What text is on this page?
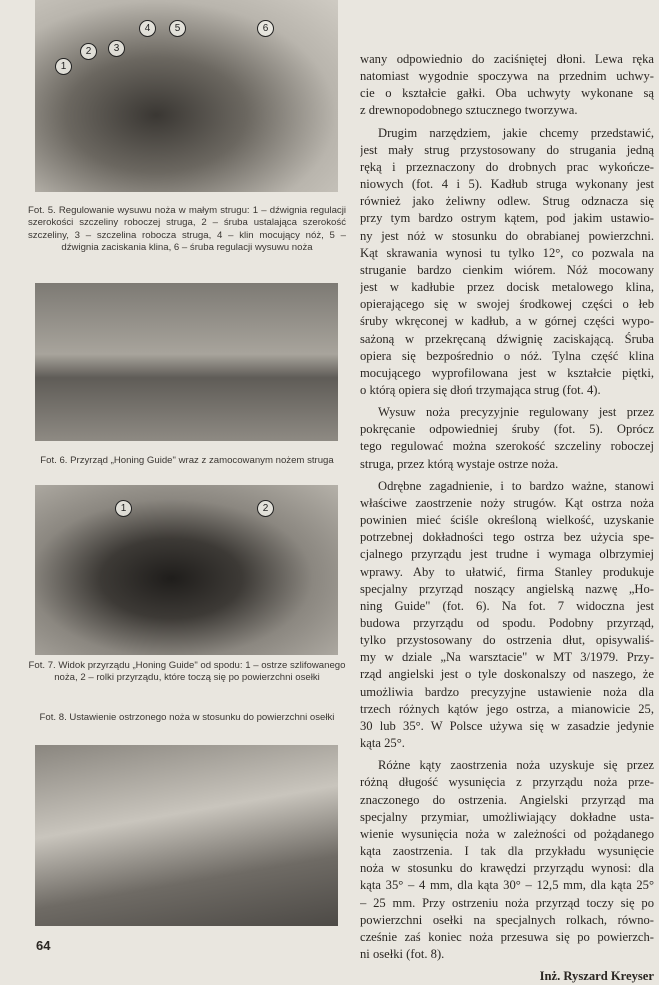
1
2	3
4	5	6
Fot. 5. Regulowanie wysuwu noża w małym strugu: 1 – dźwignia regulacji szerokości szczeliny roboczej struga, 2 – śruba ustalająca szerokość szczeliny, 3 – szczelina robocza struga, 4 – klin mocujący nóż, 5 – dźwignia zaciskania klina, 6 – śruba regulacji wysuwu noża
Fot. 6. Przyrząd „Honing Guide" wraz z zamocowanym nożem struga
1	2
Fot. 7. Widok przyrządu „Honing Guide" od spodu: 1 – ostrze szlifowanego noża, 2 – rolki przyrządu, które toczą się po powierzchni osełki
Fot. 8. Ustawienie ostrzonego noża w stosunku do powierzchni osełki
wany odpowiednio do zaciśniętej dłoni. Lewa ręka
natomiast wygodnie spoczywa na przednim uchwy-
cie o kształcie gałki. Oba uchwyty wykonane są
z drewnopodobnego sztucznego tworzywa.
Drugim narzędziem, jakie chcemy przedstawić,
jest mały strug przystosowany do strugania jedną
ręką i przeznaczony do drobnych prac wykończe-
niowych (fot. 4 i 5). Kadłub struga wykonany jest
również jako żeliwny odlew. Strug odznacza się
przy tym bardzo ostrym kątem, pod jakim ustawio-
ny jest nóż w stosunku do obrabianej powierzchni.
Kąt skrawania wynosi tu tylko 12°, co pozwala na
struganie bardzo cienkim wiórem. Nóż mocowany
jest w kadłubie przez docisk metalowego klina,
opierającego się w swojej środkowej części o łeb
śruby wkręconej w kadłub, a w górnej części wypo-
sażoną w przekręcaną dźwignię zaciskającą. Śruba
opiera się bezpośrednio o nóż. Tylna część klina
mocującego wyprofilowana jest w kształcie piętki,
o którą opiera się dłoń trzymająca strug (fot. 4).
Wysuw noża precyzyjnie regulowany jest przez
pokręcanie odpowiedniej śruby (fot. 5). Oprócz
tego regulować można szerokość szczeliny roboczej
struga, przez którą wystaje ostrze noża.
Odrębne zagadnienie, i to bardzo ważne, stanowi
właściwe zaostrzenie noży strugów. Kąt ostrza noża
powinien mieć ściśle określoną wielkość, uzyskanie
potrzebnej dokładności tego ostrza bez użycia spe-
cjalnego przyrządu jest trudne i wymaga olbrzymiej
wprawy. Aby to ułatwić, firma Stanley produkuje
specjalny przyrząd noszący angielską nazwę „Ho-
ning Guide" (fot. 6). Na fot. 7 widoczna jest
budowa przyrządu od spodu. Podobny przyrząd,
tylko przystosowany do ostrzenia dłut, opisywaliś-
my w dziale „Na warsztacie" w MT 3/1979. Przy-
rząd angielski jest o tyle doskonalszy od naszego, że
umożliwia bardzo precyzyjne ustawienie noża dla
trzech różnych kątów jego ostrza, a mianowicie 25,
30 lub 35°. W Polsce używa się w zasadzie jedynie
kąta 25°.
Różne kąty zaostrzenia noża uzyskuje się przez
różną długość wysunięcia z przyrządu noża prze-
znaczonego do ostrzenia. Angielski przyrząd ma
specjalny przymiar, umożliwiający dokładne usta-
wienie wysunięcia noża w zależności od pożądanego
kąta zaostrzenia. I tak dla przykładu wysunięcie
noża w stosunku do krawędzi przyrządu wynosi: dla
kąta 35° – 4 mm, dla kąta 30° – 12,5 mm, dla kąta 25°
– 25 mm. Przy ostrzeniu noża przyrząd toczy się po
powierzchni osełki na specjalnych rolkach, równo-
cześnie zaś koniec noża przesuwa się po powierzch-
ni osełki (fot. 8).
Inż. Ryszard Kreyser
64
